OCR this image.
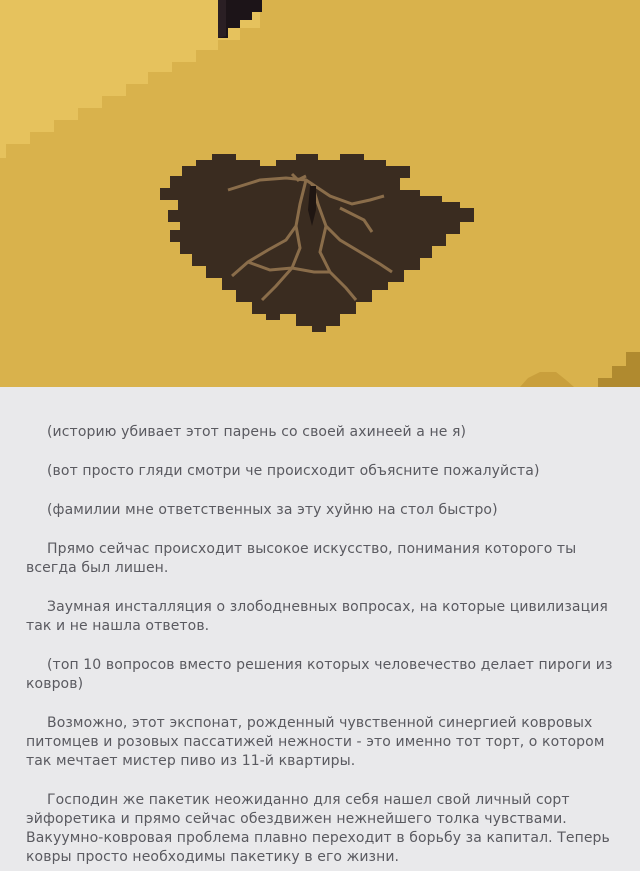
(историю убивает этот парень со своей ахинеей а не я)

(вот просто гляди смотри че происходит объясните пожалуйста)

(фамилии мне ответственных за эту хуйню на стол быстро)

Прямо сейчас происходит высокое искусство, понимания которого ты всегда был лишен.

Заумная инсталляция о злободневных вопросах, на которые цивилизация так и не нашла ответов.

(топ 10 вопросов вместо решения которых человечество делает пироги из ковров)

Возможно, этот экспонат, рожденный чувственной синергией ковровых питомцев и розовых пассатижей нежности - это именно тот торт, о котором так мечтает мистер пиво из 11-й квартиры.

Господин же пакетик неожиданно для себя нашел свой личный сорт эйфоретика и прямо сейчас обездвижен нежнейшего толка чувствами. Вакуумно-ковровая проблема плавно переходит в борьбу за капитал. Теперь ковры просто необходимы пакетику в его жизни.
